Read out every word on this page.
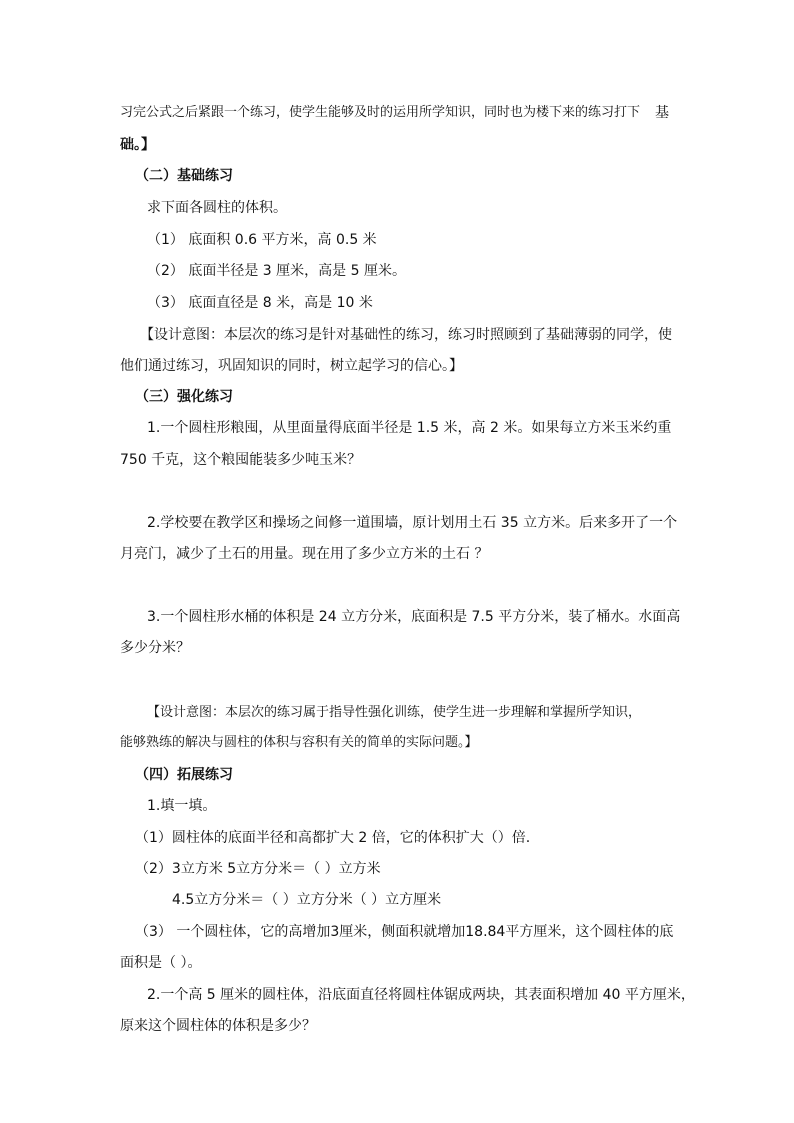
习完公式之后紧跟一个练习，使学生能够及时的运用所学知识，同时也为楼下来的练习打下 基
础。】
（二）基础练习
求下面各圆柱的体积。
（1） 底面积 0.6 平方米，高 0.5 米
（2） 底面半径是 3 厘米，高是 5 厘米。
（3） 底面直径是 8 米，高是 10 米
【设计意图：本层次的练习是针对基础性的练习，练习时照顾到了基础薄弱的同学，使
他们通过练习，巩固知识的同时，树立起学习的信心。】
（三）强化练习
1.一个圆柱形粮囤，从里面量得底面半径是 1.5 米，高 2 米。如果每立方米玉米约重
750 千克，这个粮囤能装多少吨玉米？
2.学校要在教学区和操场之间修一道围墙，原计划用土石 35 立方米。后来多开了一个
月亮门，减少了土石的用量。现在用了多少立方米的土石 ？
3.一个圆柱形水桶的体积是 24 立方分米，底面积是 7.5 平方分米，装了桶水。水面高
多少分米？
【设计意图：本层次的练习属于指导性强化训练，使学生进一步理解和掌握所学知识，
能够熟练的解决与圆柱的体积与容积有关的简单的实际问题。】
（四）拓展练习
1.填一填。
（1）圆柱体的底面半径和高都扩大 2 倍，它的体积扩大（）倍.
（2）3立方米 5立方分米＝（ ）立方米
4.5立方分米＝（ ）立方分米（ ）立方厘米
（3） 一个圆柱体，它的高增加3厘米，侧面积就增加18.84平方厘米，这个圆柱体的底
面积是（ ）。
2.一个高 5 厘米的圆柱体，沿底面直径将圆柱体锯成两块，其表面积增加 40 平方厘米，
原来这个圆柱体的体积是多少？
